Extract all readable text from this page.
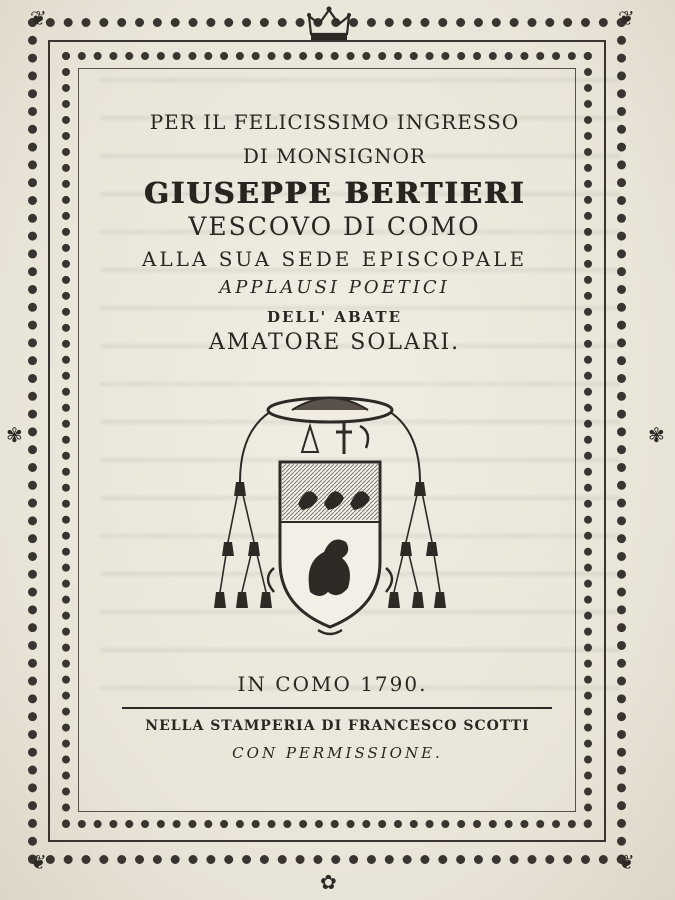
❦	❦
❦	❦
✾	✾
✿
PER IL FELICISSIMO INGRESSO
DI MONSIGNOR
GIUSEPPE BERTIERI
VESCOVO DI COMO
ALLA SUA SEDE EPISCOPALE
APPLAUSI POETICI
DELL' ABATE
AMATORE SOLARI.
IN COMO 1790.
NELLA STAMPERIA DI FRANCESCO SCOTTI
CON PERMISSIONE.
